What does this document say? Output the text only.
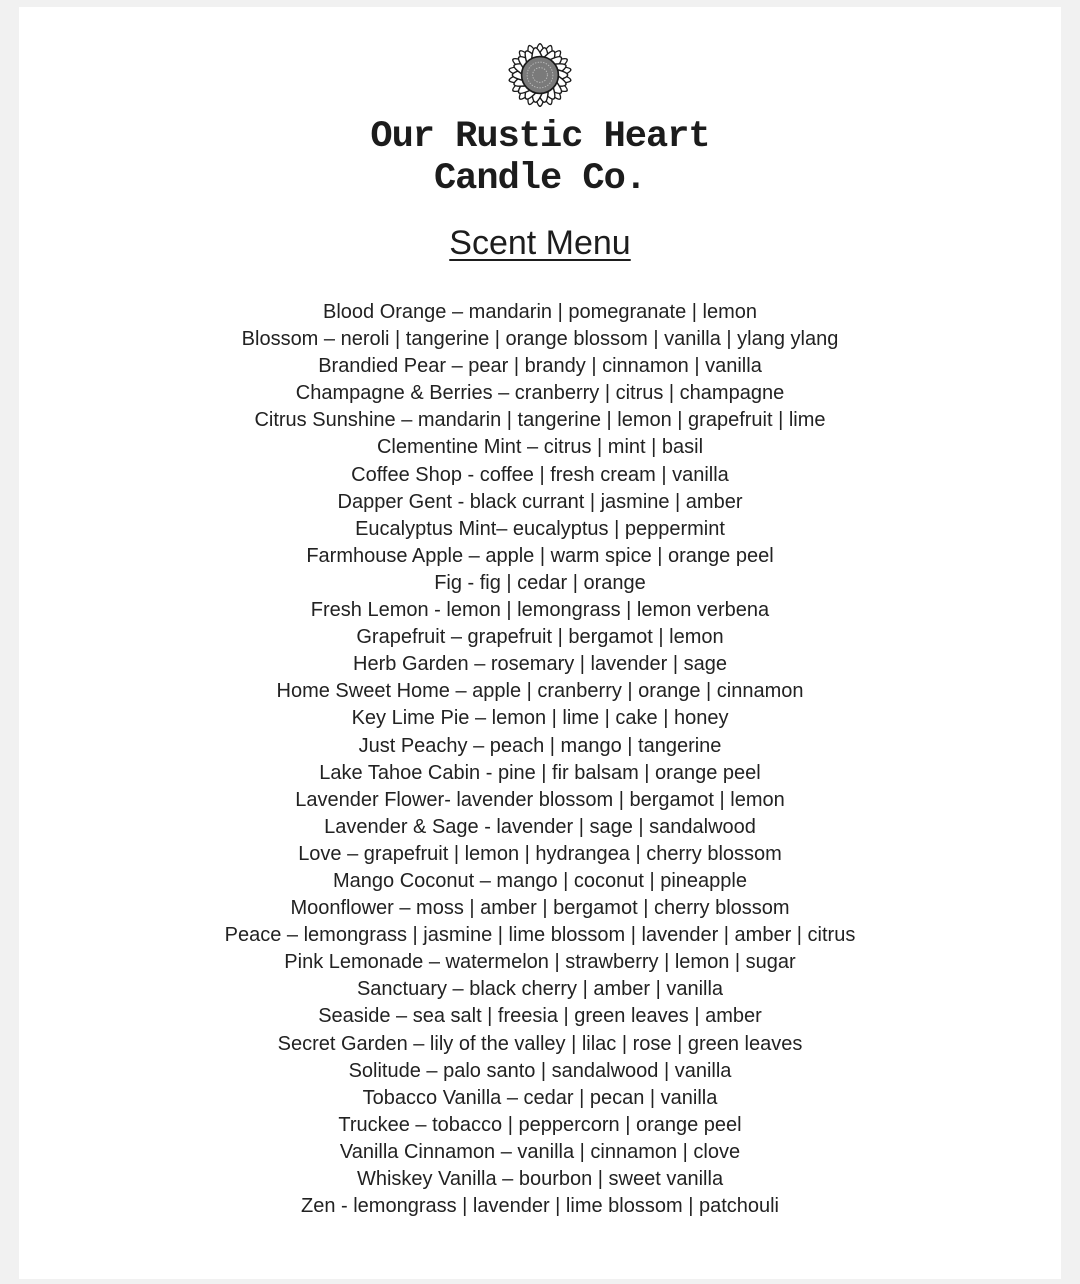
Our Rustic Heart
Candle Co.
Scent Menu
Blood Orange – mandarin | pomegranate | lemon
Blossom – neroli | tangerine | orange blossom | vanilla | ylang ylang
Brandied Pear – pear | brandy | cinnamon | vanilla
Champagne & Berries – cranberry | citrus | champagne
Citrus Sunshine – mandarin | tangerine | lemon | grapefruit | lime
Clementine Mint – citrus | mint | basil
Coffee Shop - coffee | fresh cream | vanilla
Dapper Gent - black currant | jasmine | amber
Eucalyptus Mint– eucalyptus | peppermint
Farmhouse Apple – apple | warm spice | orange peel
Fig - fig | cedar | orange
Fresh Lemon - lemon | lemongrass | lemon verbena
Grapefruit – grapefruit | bergamot | lemon
Herb Garden – rosemary | lavender | sage
Home Sweet Home – apple | cranberry | orange | cinnamon
Key Lime Pie – lemon | lime | cake | honey
Just Peachy – peach | mango | tangerine
Lake Tahoe Cabin - pine | fir balsam | orange peel
Lavender Flower- lavender blossom | bergamot | lemon
Lavender & Sage - lavender | sage | sandalwood
Love – grapefruit | lemon | hydrangea | cherry blossom
Mango Coconut – mango | coconut | pineapple
Moonflower – moss | amber | bergamot | cherry blossom
Peace – lemongrass | jasmine | lime blossom | lavender | amber | citrus
Pink Lemonade – watermelon | strawberry | lemon | sugar
Sanctuary – black cherry | amber | vanilla
Seaside – sea salt | freesia | green leaves | amber
Secret Garden – lily of the valley | lilac | rose | green leaves
Solitude – palo santo | sandalwood | vanilla
Tobacco Vanilla – cedar | pecan | vanilla
Truckee – tobacco | peppercorn | orange peel
Vanilla Cinnamon – vanilla | cinnamon | clove
Whiskey Vanilla – bourbon | sweet vanilla
Zen - lemongrass | lavender | lime blossom | patchouli
